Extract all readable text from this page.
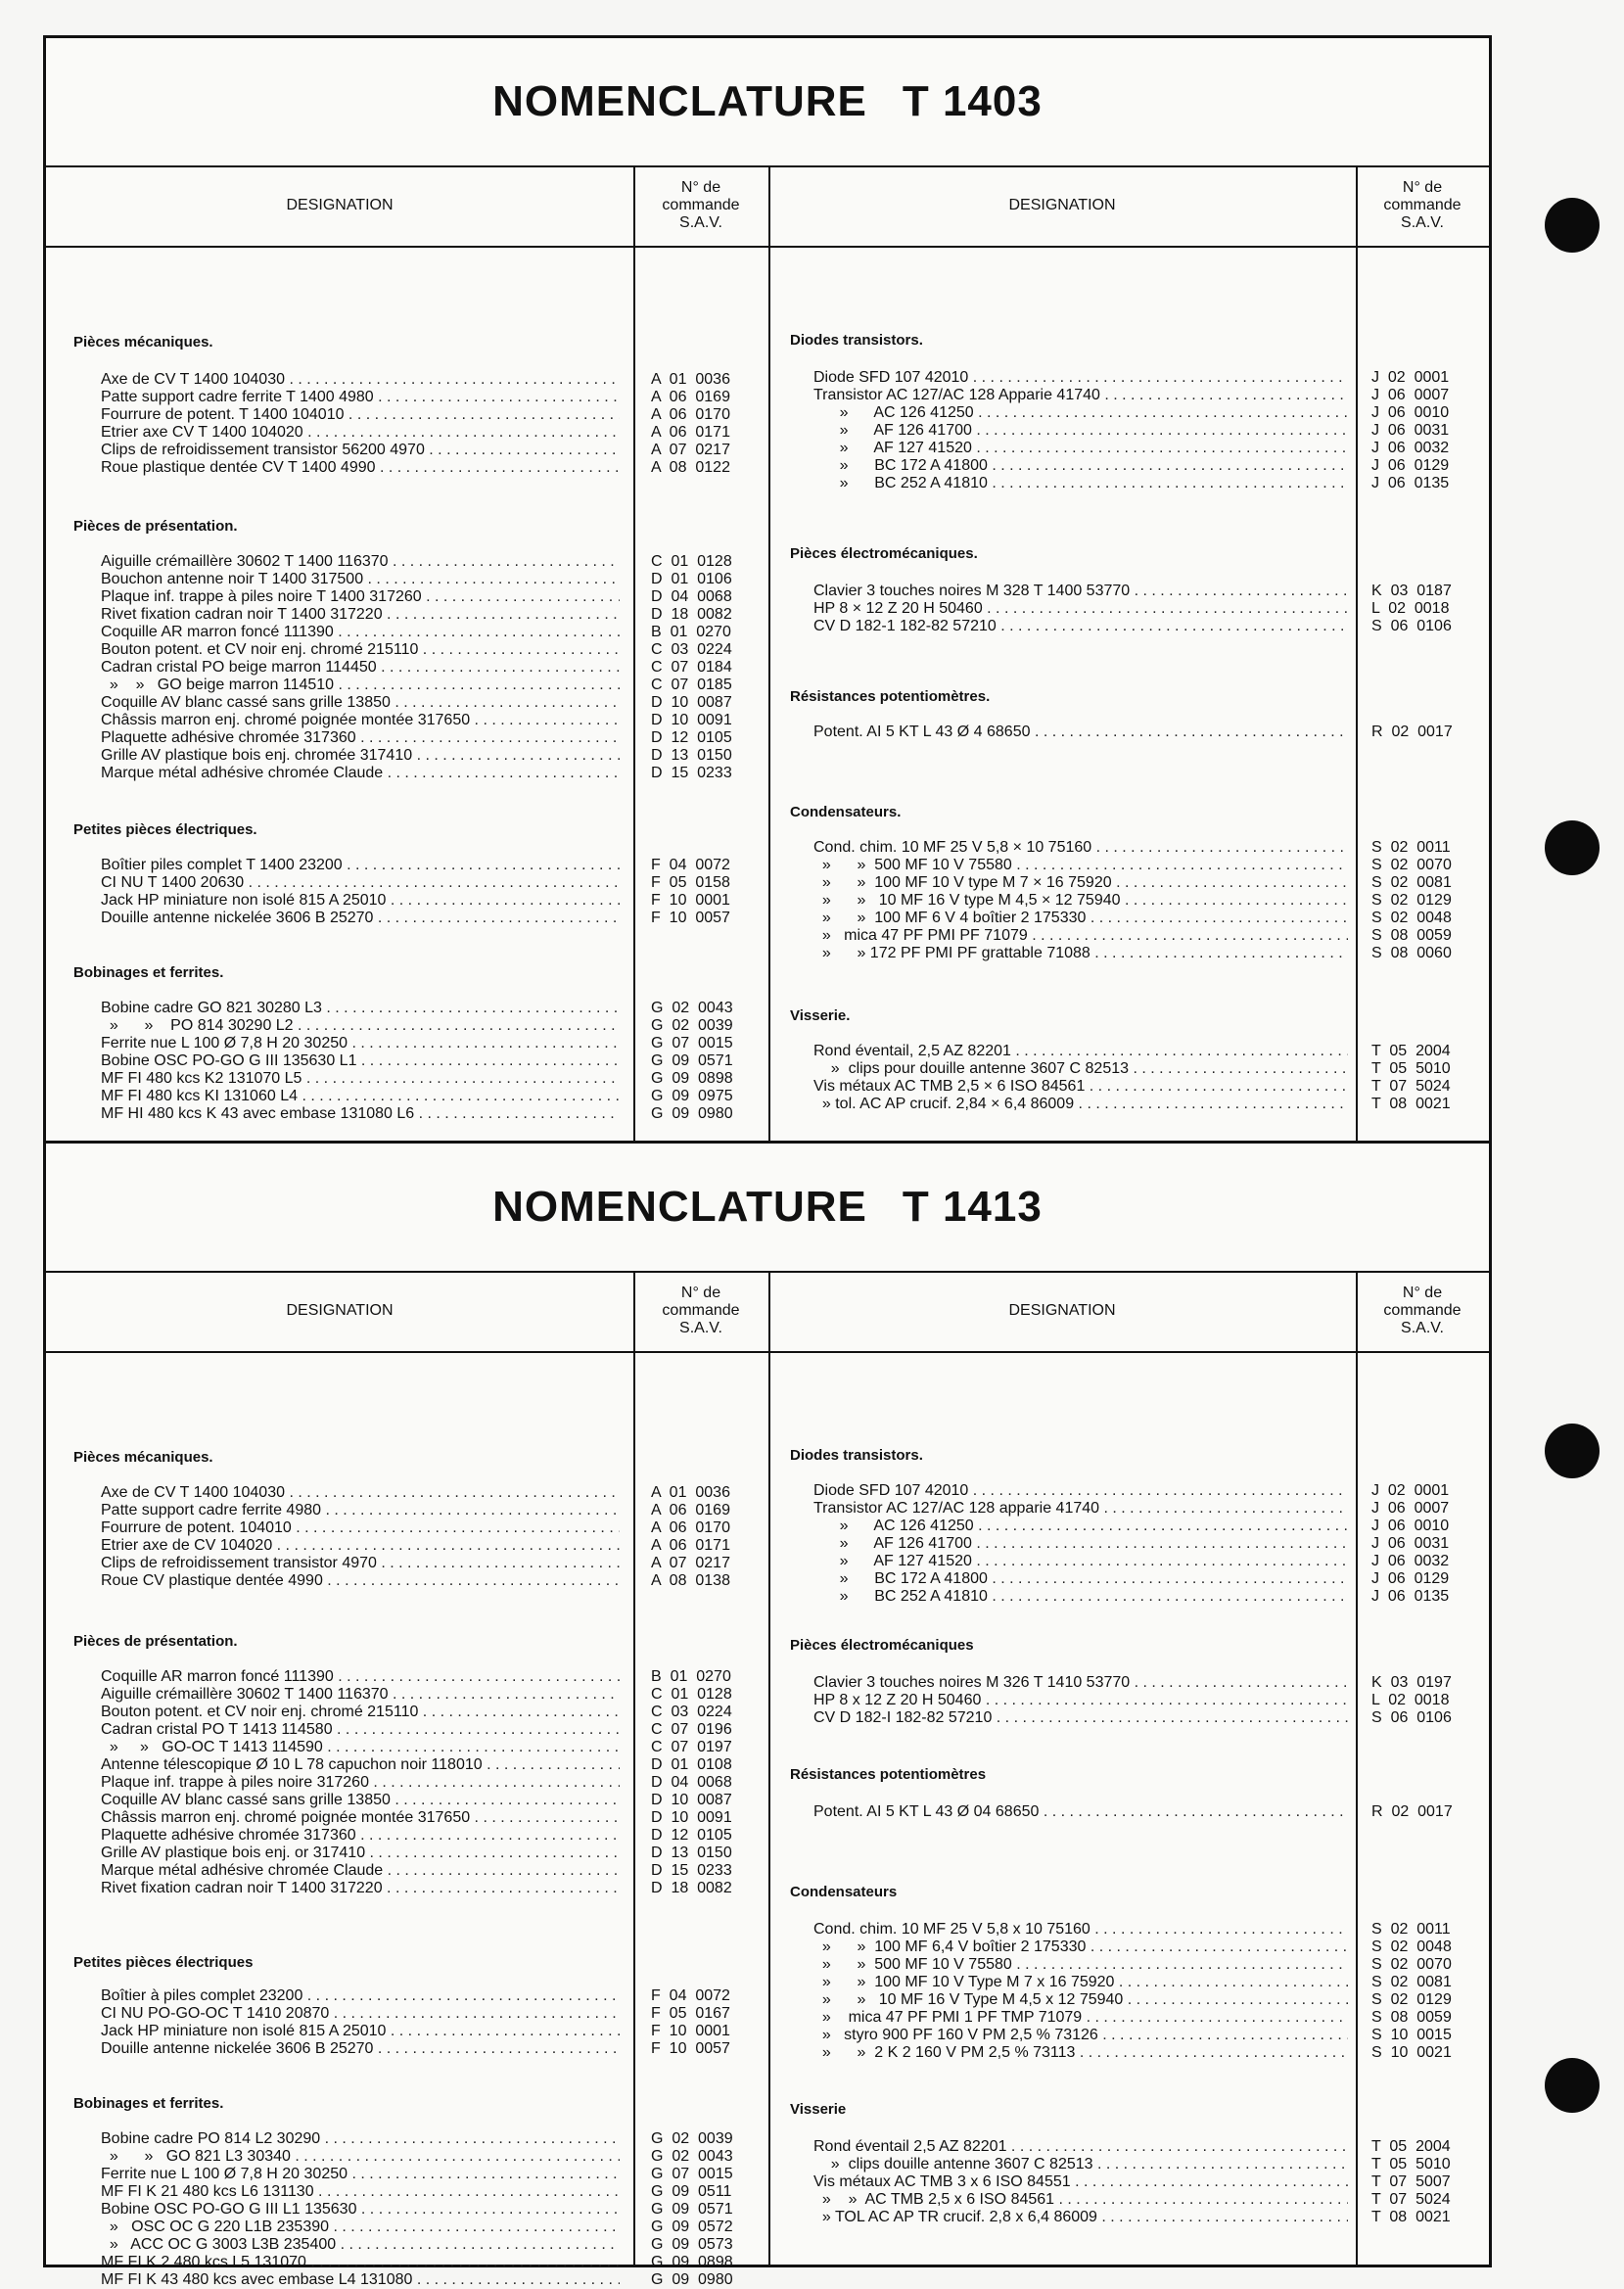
NOMENCLATURE T 1403
DESIGNATION
N° de
commande
S.A.V.
DESIGNATION
N° de
commande
S.A.V.
Pièces mécaniques.
Axe de CV T 1400 104030 . . .	A  01  0036
Patte support cadre ferrite T 1400 4980 . . .	A  06  0169
Fourrure de potent. T 1400 104010 . . .	A  06  0170
Etrier axe CV T 1400 104020 . . .	A  06  0171
Clips de refroidissement transistor 56200 4970 . . .	A  07  0217
Roue plastique dentée CV T 1400 4990 . . .	A  08  0122
Pièces de présentation.
Aiguille crémaillère 30602 T 1400 116370 . . .	C  01  0128
Bouchon antenne noir T 1400 317500 . . .	D  01  0106
Plaque inf. trappe à piles noire T 1400 317260 . . .	D  04  0068
Rivet fixation cadran noir T 1400 317220 . . .	D  18  0082
Coquille AR marron foncé 111390 . . .	B  01  0270
Bouton potent. et CV noir enj. chromé 215110 . . .	C  03  0224
Cadran cristal PO beige marron 114450 . . .	C  07  0184
»    »   GO beige marron 114510 . . .	C  07  0185
Coquille AV blanc cassé sans grille 13850 . . .	D  10  0087
Châssis marron enj. chromé poignée montée 317650 . . .	D  10  0091
Plaquette adhésive chromée 317360 . . .	D  12  0105
Grille AV plastique bois enj. chromée 317410 . . .	D  13  0150
Marque métal adhésive chromée Claude . . .	D  15  0233
Petites pièces électriques.
Boîtier piles complet T 1400 23200 . . .	F  04  0072
CI NU T 1400 20630 . . .	F  05  0158
Jack HP miniature non isolé 815 A 25010 . . .	F  10  0001
Douille antenne nickelée 3606 B 25270 . . .	F  10  0057
Bobinages et ferrites.
Bobine cadre GO 821 30280 L3 . . .	G  02  0043
»      »    PO 814 30290 L2 . . .	G  02  0039
Ferrite nue L 100 Ø 7,8 H 20 30250 . . .	G  07  0015
Bobine OSC PO-GO G III 135630 L1 . . .	G  09  0571
MF FI 480 kcs K2 131070 L5 . . .	G  09  0898
MF FI 480 kcs KI 131060 L4 . . .	G  09  0975
MF HI 480 kcs K 43 avec embase 131080 L6 . . .	G  09  0980
Diodes transistors.
Diode SFD 107 42010 . . .	J  02  0001
Transistor AC 127/AC 128 Apparie 41740 . . .	J  06  0007
»      AC 126 41250 . . .	J  06  0010
»      AF 126 41700 . . .	J  06  0031
»      AF 127 41520 . . .	J  06  0032
»      BC 172 A 41800 . . .	J  06  0129
»      BC 252 A 41810 . . .	J  06  0135
Pièces électromécaniques.
Clavier 3 touches noires M 328 T 1400 53770 . . .	K  03  0187
HP 8 × 12 Z 20 H 50460 . . .	L  02  0018
CV D 182-1 182-82 57210 . . .	S  06  0106
Résistances potentiomètres.
Potent. AI 5 KT L 43 Ø 4 68650 . . .	R  02  0017
Condensateurs.
Cond. chim. 10 MF 25 V 5,8 × 10 75160 . . .	S  02  0011
»      »  500 MF 10 V 75580 . . .	S  02  0070
»      »  100 MF 10 V type M 7 × 16 75920 . . .	S  02  0081
»      »   10 MF 16 V type M 4,5 × 12 75940 . . .	S  02  0129
»      »  100 MF 6 V 4 boîtier 2 175330 . . .	S  02  0048
»   mica 47 PF PMI PF 71079 . . .	S  08  0059
»      » 172 PF PMI PF grattable 71088 . . .	S  08  0060
Visserie.
Rond éventail, 2,5 AZ 82201 . . .	T  05  2004
»  clips pour douille antenne 3607 C 82513 . . .	T  05  5010
Vis métaux AC TMB 2,5 × 6 ISO 84561 . . .	T  07  5024
» tol. AC AP crucif. 2,84 × 6,4 86009 . . .	T  08  0021
NOMENCLATURE T 1413
DESIGNATION
N° de
commande
S.A.V.
DESIGNATION
N° de
commande
S.A.V.
Pièces mécaniques.
Axe de CV T 1400 104030 . . .	A  01  0036
Patte support cadre ferrite 4980 . . .	A  06  0169
Fourrure de potent. 104010 . . .	A  06  0170
Etrier axe de CV 104020 . . .	A  06  0171
Clips de refroidissement transistor 4970 . . .	A  07  0217
Roue CV plastique dentée 4990 . . .	A  08  0138
Pièces de présentation.
Coquille AR marron foncé 111390 . . .	B  01  0270
Aiguille crémaillère 30602 T 1400 116370 . . .	C  01  0128
Bouton potent. et CV noir enj. chromé 215110 . . .	C  03  0224
Cadran cristal PO T 1413 114580 . . .	C  07  0196
»     »   GO-OC T 1413 114590 . . .	C  07  0197
Antenne télescopique Ø 10 L 78 capuchon noir 118010 . . .	D  01  0108
Plaque inf. trappe à piles noire 317260 . . .	D  04  0068
Coquille AV blanc cassé sans grille 13850 . . .	D  10  0087
Châssis marron enj. chromé poignée montée 317650 . . .	D  10  0091
Plaquette adhésive chromée 317360 . . .	D  12  0105
Grille AV plastique bois enj. or 317410 . . .	D  13  0150
Marque métal adhésive chromée Claude . . .	D  15  0233
Rivet fixation cadran noir T 1400 317220 . . .	D  18  0082
Petites pièces électriques
Boîtier à piles complet 23200 . . .	F  04  0072
CI NU PO-GO-OC T 1410 20870 . . .	F  05  0167
Jack HP miniature non isolé 815 A 25010 . . .	F  10  0001
Douille antenne nickelée 3606 B 25270 . . .	F  10  0057
Bobinages et ferrites.
Bobine cadre PO 814 L2 30290 . . .	G  02  0039
»      »   GO 821 L3 30340 . . .	G  02  0043
Ferrite nue L 100 Ø 7,8 H 20 30250 . . .	G  07  0015
MF FI K 21 480 kcs L6 131130 . . .	G  09  0511
Bobine OSC PO-GO G III L1 135630 . . .	G  09  0571
»   OSC OC G 220 L1B 235390 . . .	G  09  0572
»   ACC OC G 3003 L3B 235400 . . .	G  09  0573
MF FI K 2 480 kcs L5 131070 . . .	G  09  0898
MF FI K 43 480 kcs avec embase L4 131080 . . .	G  09  0980
Diodes transistors.
Diode SFD 107 42010 . . .	J  02  0001
Transistor AC 127/AC 128 apparie 41740 . . .	J  06  0007
»      AC 126 41250 . . .	J  06  0010
»      AF 126 41700 . . .	J  06  0031
»      AF 127 41520 . . .	J  06  0032
»      BC 172 A 41800 . . .	J  06  0129
»      BC 252 A 41810 . . .	J  06  0135
Pièces électromécaniques
Clavier 3 touches noires M 326 T 1410 53770 . . .	K  03  0197
HP 8 x 12 Z 20 H 50460 . . .	L  02  0018
CV D 182-I 182-82 57210 . . .	S  06  0106
Résistances potentiomètres
Potent. AI 5 KT L 43 Ø 04 68650 . . .	R  02  0017
Condensateurs
Cond. chim. 10 MF 25 V 5,8 x 10 75160 . . .	S  02  0011
»      »  100 MF 6,4 V boîtier 2 175330 . . .	S  02  0048
»      »  500 MF 10 V 75580 . . .	S  02  0070
»      »  100 MF 10 V Type M 7 x 16 75920 . . .	S  02  0081
»      »   10 MF 16 V Type M 4,5 x 12 75940 . . .	S  02  0129
»    mica 47 PF PMI 1 PF TMP 71079 . . .	S  08  0059
»   styro 900 PF 160 V PM 2,5 % 73126 . . .	S  10  0015
»      »  2 K 2 160 V PM 2,5 % 73113 . . .	S  10  0021
Visserie
Rond éventail 2,5 AZ 82201 . . .	T  05  2004
»  clips douille antenne 3607 C 82513 . . .	T  05  5010
Vis métaux AC TMB 3 x 6 ISO 84551 . . .	T  07  5007
»    »  AC TMB 2,5 x 6 ISO 84561 . . .	T  07  5024
» TOL AC AP TR crucif. 2,8 x 6,4 86009 . . .	T  08  0021
